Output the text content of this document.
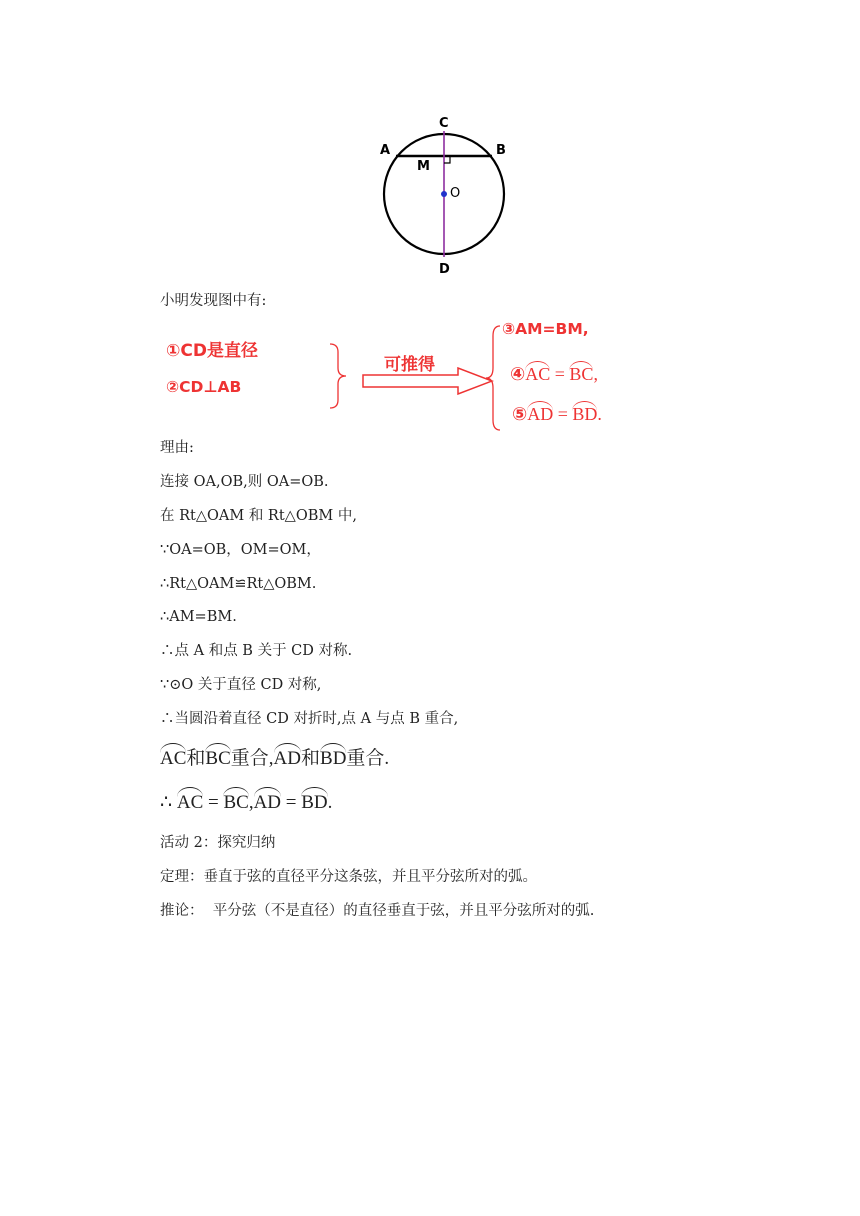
C
A	B
M
O
D
小明发现图中有:
①CD是直径
②CD⊥AB
可推得
③AM=BM,
④AC = BC,
⑤AD = BD.
理由:
连接 OA,OB,则 OA=OB.
在 Rt△OAM 和 Rt△OBM 中,
∵OA=OB，OM=OM，
∴Rt△OAM≌Rt△OBM.
∴AM=BM.
∴点 A 和点 B 关于 CD 对称.
∵⊙O 关于直径 CD 对称,
∴当圆沿着直径 CD 对折时,点 A 与点 B 重合,
AC和BC重合,AD和BD重合.
∴ AC = BC,AD = BD.
活动 2：探究归纳
定理：垂直于弦的直径平分这条弦，并且平分弦所对的弧。
推论：  平分弦（不是直径）的直径垂直于弦，并且平分弦所对的弧.
